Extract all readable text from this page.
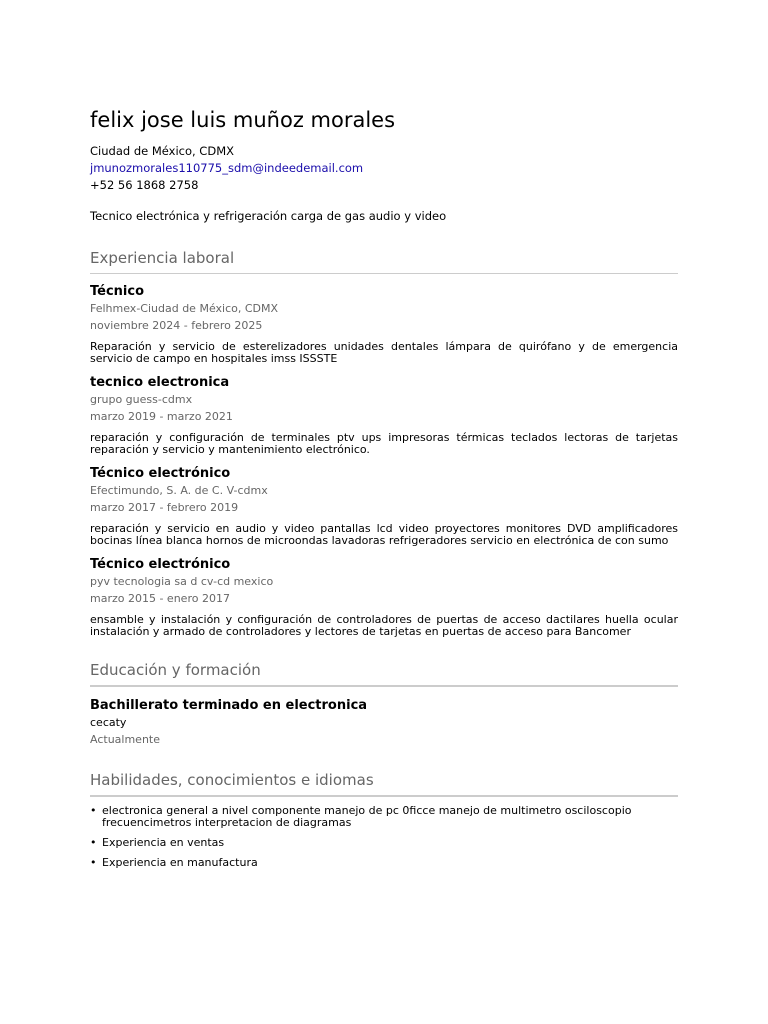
felix jose luis muñoz morales

Ciudad de México, CDMX

jmunozmorales110775_sdm@indeedemail.com

+52 56 1868 2758

Tecnico electrónica y refrigeración carga de gas audio y video

Experiencia laboral

Técnico

Felhmex-Ciudad de México, CDMX

noviembre 2024 - febrero 2025

Reparación y servicio de esterelizadores unidades dentales lámpara de quirófano y de emergencia servicio de campo en hospitales imss ISSSTE

tecnico electronica

grupo guess-cdmx

marzo 2019 - marzo 2021

reparación y configuración de terminales ptv ups impresoras térmicas teclados lectoras de tarjetas reparación y servicio y mantenimiento electrónico.

Técnico electrónico

Efectimundo, S. A. de C. V-cdmx

marzo 2017 - febrero 2019

reparación y servicio en audio y video pantallas lcd video proyectores monitores DVD amplificadores bocinas línea blanca hornos de microondas lavadoras refrigeradores servicio en electrónica de con sumo

Técnico electrónico

pyv tecnologia sa d cv-cd mexico

marzo 2015 - enero 2017

ensamble y instalación y configuración de controladores de puertas de acceso dactilares huella ocular instalación y armado de controladores y lectores de tarjetas en puertas de acceso para Bancomer

Educación y formación

Bachillerato terminado en electronica

cecaty

Actualmente

Habilidades, conocimientos e idiomas
• electronica general a nivel componente manejo de pc 0ficce manejo de multimetro osciloscopio frecuencimetros interpretacion de diagramas
• Experiencia en ventas
• Experiencia en manufactura
